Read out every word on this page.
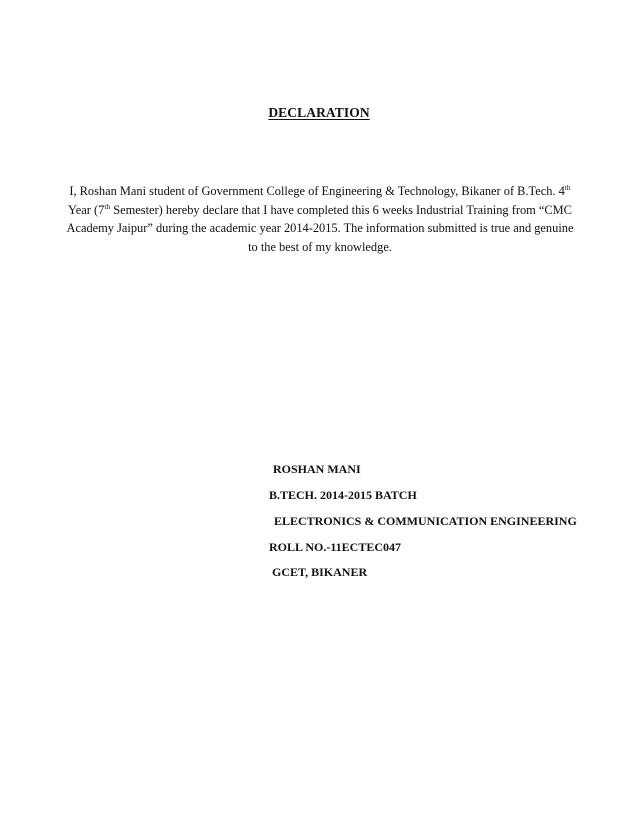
DECLARATION
I, Roshan Mani student of Government College of Engineering & Technology, Bikaner of B.Tech. 4th Year (7th Semester) hereby declare that I have completed this 6 weeks Industrial Training from “CMC Academy Jaipur” during the academic year 2014-2015. The information submitted is true and genuine to the best of my knowledge.
ROSHAN MANI
B.TECH. 2014-2015 BATCH
ELECTRONICS & COMMUNICATION ENGINEERING
ROLL NO.-11ECTEC047
GCET, BIKANER
